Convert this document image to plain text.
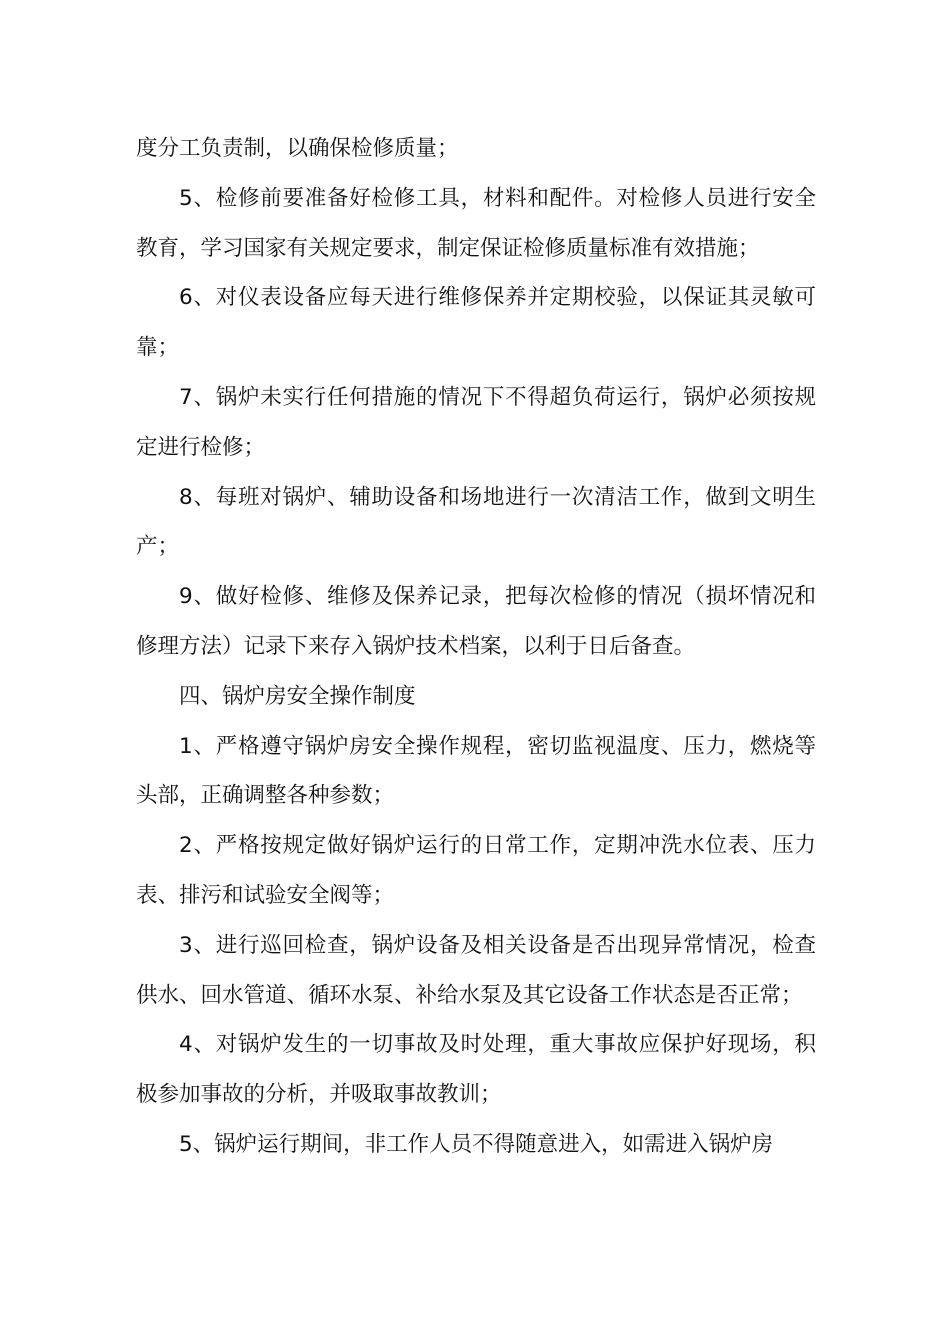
度分工负责制，以确保检修质量；

5、检修前要准备好检修工具，材料和配件。对检修人员进行安全教育，学习国家有关规定要求，制定保证检修质量标准有效措施；

6、对仪表设备应每天进行维修保养并定期校验，以保证其灵敏可靠；

7、锅炉未实行任何措施的情况下不得超负荷运行，锅炉必须按规定进行检修；

8、每班对锅炉、辅助设备和场地进行一次清洁工作，做到文明生产；

9、做好检修、维修及保养记录，把每次检修的情况（损坏情况和修理方法）记录下来存入锅炉技术档案，以利于日后备查。

四、锅炉房安全操作制度

1、严格遵守锅炉房安全操作规程，密切监视温度、压力，燃烧等头部，正确调整各种参数；

2、严格按规定做好锅炉运行的日常工作，定期冲洗水位表、压力表、排污和试验安全阀等；

3、进行巡回检查，锅炉设备及相关设备是否出现异常情况，检查供水、回水管道、循环水泵、补给水泵及其它设备工作状态是否正常；

4、对锅炉发生的一切事故及时处理，重大事故应保护好现场，积极参加事故的分析，并吸取事故教训；

5、锅炉运行期间，非工作人员不得随意进入，如需进入锅炉房
